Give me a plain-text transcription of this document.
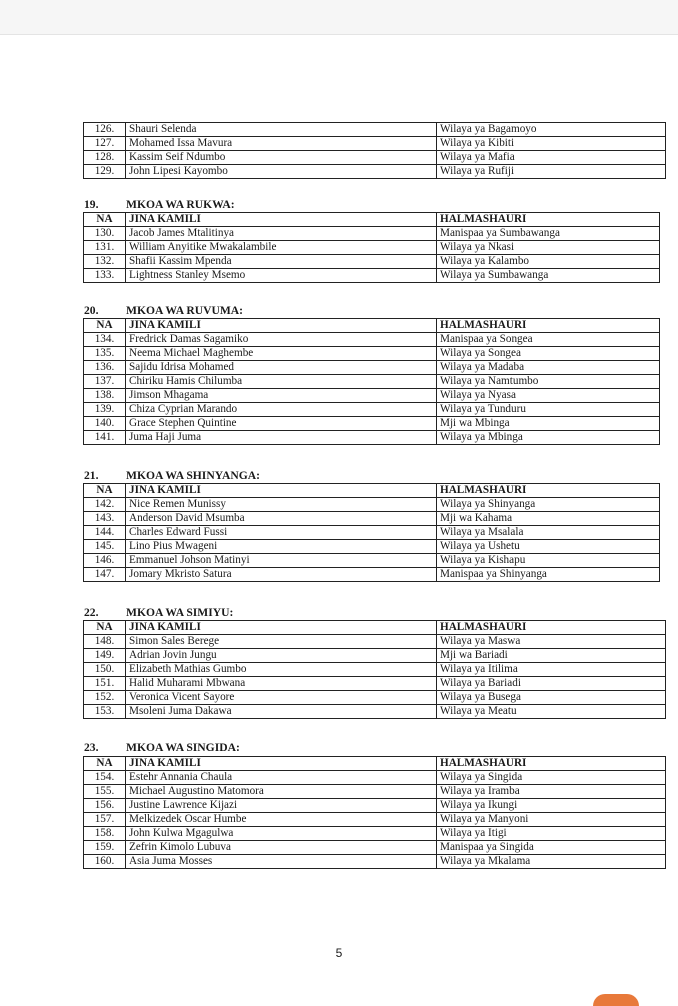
126.	Shauri Selenda	Wilaya ya Bagamoyo
127.	Mohamed Issa Mavura	Wilaya ya Kibiti
128.	Kassim Seif Ndumbo	Wilaya ya Mafia
129.	John Lipesi Kayombo	Wilaya ya Rufiji
19. MKOA WA RUKWA:
NA	JINA KAMILI	HALMASHAURI
130.	Jacob James Mtalitinya	Manispaa ya Sumbawanga
131.	William Anyitike Mwakalambile	Wilaya ya Nkasi
132.	Shafii Kassim Mpenda	Wilaya ya Kalambo
133.	Lightness Stanley Msemo	Wilaya ya Sumbawanga
20. MKOA WA RUVUMA:
NA	JINA KAMILI	HALMASHAURI
134.	Fredrick Damas Sagamiko	Manispaa ya Songea
135.	Neema Michael Maghembe	Wilaya ya Songea
136.	Sajidu Idrisa Mohamed	Wilaya ya Madaba
137.	Chiriku Hamis Chilumba	Wilaya ya Namtumbo
138.	Jimson Mhagama	Wilaya ya Nyasa
139.	Chiza Cyprian Marando	Wilaya ya Tunduru
140.	Grace Stephen Quintine	Mji wa Mbinga
141.	Juma Haji Juma	Wilaya ya Mbinga
21. MKOA WA SHINYANGA:
NA	JINA KAMILI	HALMASHAURI
142.	Nice Remen Munissy	Wilaya ya Shinyanga
143.	Anderson David Msumba	Mji wa Kahama
144.	Charles Edward Fussi	Wilaya ya Msalala
145.	Lino Pius Mwageni	Wilaya ya Ushetu
146.	Emmanuel Johson Matinyi	Wilaya ya Kishapu
147.	Jomary Mkristo Satura	Manispaa ya Shinyanga
22. MKOA WA SIMIYU:
NA	JINA KAMILI	HALMASHAURI
148.	Simon Sales Berege	Wilaya ya Maswa
149.	Adrian Jovin Jungu	Mji wa Bariadi
150.	Elizabeth Mathias Gumbo	Wilaya ya Itilima
151.	Halid Muharami Mbwana	Wilaya ya Bariadi
152.	Veronica Vicent Sayore	Wilaya ya Busega
153.	Msoleni Juma Dakawa	Wilaya ya Meatu
23. MKOA WA SINGIDA:
NA	JINA KAMILI	HALMASHAURI
154.	Estehr Annania Chaula	Wilaya ya Singida
155.	Michael Augustino Matomora	Wilaya ya Iramba
156.	Justine Lawrence Kijazi	Wilaya ya Ikungi
157.	Melkizedek Oscar Humbe	Wilaya ya Manyoni
158.	John Kulwa Mgagulwa	Wilaya ya Itigi
159.	Zefrin Kimolo Lubuva	Manispaa ya Singida
160.	Asia Juma Mosses	Wilaya ya Mkalama
5
